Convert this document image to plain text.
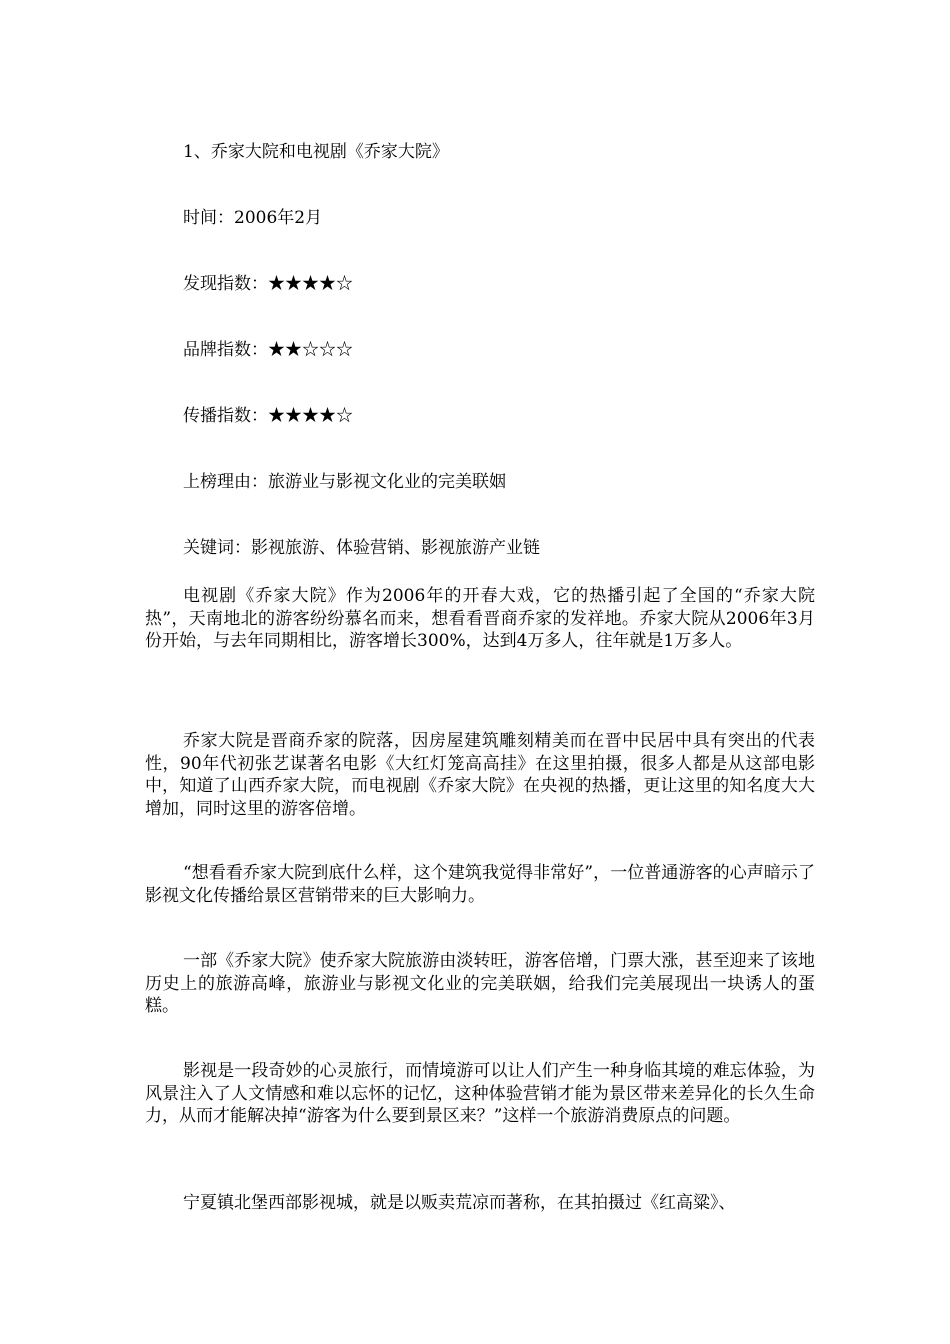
1、乔家大院和电视剧《乔家大院》
时间：2006年2月
发现指数：★★★★☆
品牌指数：★★☆☆☆
传播指数：★★★★☆
上榜理由：旅游业与影视文化业的完美联姻
关键词：影视旅游、体验营销、影视旅游产业链

电视剧《乔家大院》作为2006年的开春大戏，它的热播引起了全国的“乔家大院热”，天南地北的游客纷纷慕名而来，想看看晋商乔家的发祥地。乔家大院从2006年3月份开始，与去年同期相比，游客增长300%，达到4万多人，往年就是1万多人。

乔家大院是晋商乔家的院落，因房屋建筑雕刻精美而在晋中民居中具有突出的代表性，90年代初张艺谋著名电影《大红灯笼高高挂》在这里拍摄，很多人都是从这部电影中，知道了山西乔家大院，而电视剧《乔家大院》在央视的热播，更让这里的知名度大大增加，同时这里的游客倍增。

“想看看乔家大院到底什么样，这个建筑我觉得非常好”，一位普通游客的心声暗示了影视文化传播给景区营销带来的巨大影响力。

一部《乔家大院》使乔家大院旅游由淡转旺，游客倍增，门票大涨，甚至迎来了该地历史上的旅游高峰，旅游业与影视文化业的完美联姻，给我们完美展现出一块诱人的蛋糕。

影视是一段奇妙的心灵旅行，而情境游可以让人们产生一种身临其境的难忘体验，为风景注入了人文情感和难以忘怀的记忆，这种体验营销才能为景区带来差异化的长久生命力，从而才能解决掉“游客为什么要到景区来？”这样一个旅游消费原点的问题。

宁夏镇北堡西部影视城，就是以贩卖荒凉而著称，在其拍摄过《红高粱》、
